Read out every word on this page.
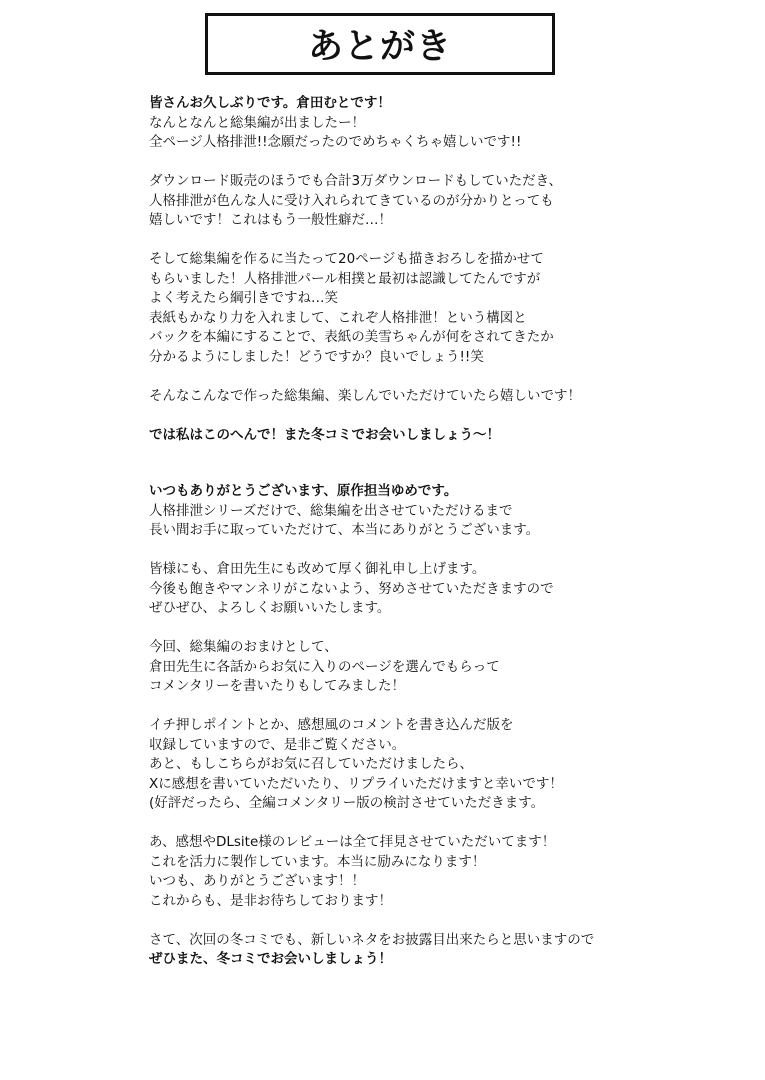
あとがき
皆さんお久しぶりです。倉田むとです！
なんとなんと総集編が出ましたー！
全ページ人格排泄!!念願だったのでめちゃくちゃ嬉しいです!!
ダウンロード販売のほうでも合計3万ダウンロードもしていただき、
人格排泄が色んな人に受け入れられてきているのが分かりとっても
嬉しいです！これはもう一般性癖だ…！
そして総集編を作るに当たって20ページも描きおろしを描かせて
もらいました！人格排泄パール相撲と最初は認識してたんですが
よく考えたら綱引きですね…笑
表紙もかなり力を入れまして、これぞ人格排泄！という構図と
バックを本編にすることで、表紙の美雪ちゃんが何をされてきたか
分かるようにしました！どうですか？良いでしょう!!笑
そんなこんなで作った総集編、楽しんでいただけていたら嬉しいです！
では私はこのへんで！また冬コミでお会いしましょう〜！
いつもありがとうございます、原作担当ゆめです。
人格排泄シリーズだけで、総集編を出させていただけるまで
長い間お手に取っていただけて、本当にありがとうございます。
皆様にも、倉田先生にも改めて厚く御礼申し上げます。
今後も飽きやマンネリがこないよう、努めさせていただきますので
ぜひぜひ、よろしくお願いいたします。
今回、総集編のおまけとして、
倉田先生に各話からお気に入りのページを選んでもらって
コメンタリーを書いたりもしてみました！
イチ押しポイントとか、感想風のコメントを書き込んだ版を
収録していますので、是非ご覧ください。
あと、もしこちらがお気に召していただけましたら、
Xに感想を書いていただいたり、リプライいただけますと幸いです！
(好評だったら、全編コメンタリー版の検討させていただきます。
あ、感想やDLsite様のレビューは全て拝見させていただいてます！
これを活力に製作しています。本当に励みになります！
いつも、ありがとうございます！！
これからも、是非お待ちしております！
さて、次回の冬コミでも、新しいネタをお披露目出来たらと思いますので
ぜひまた、冬コミでお会いしましょう！
